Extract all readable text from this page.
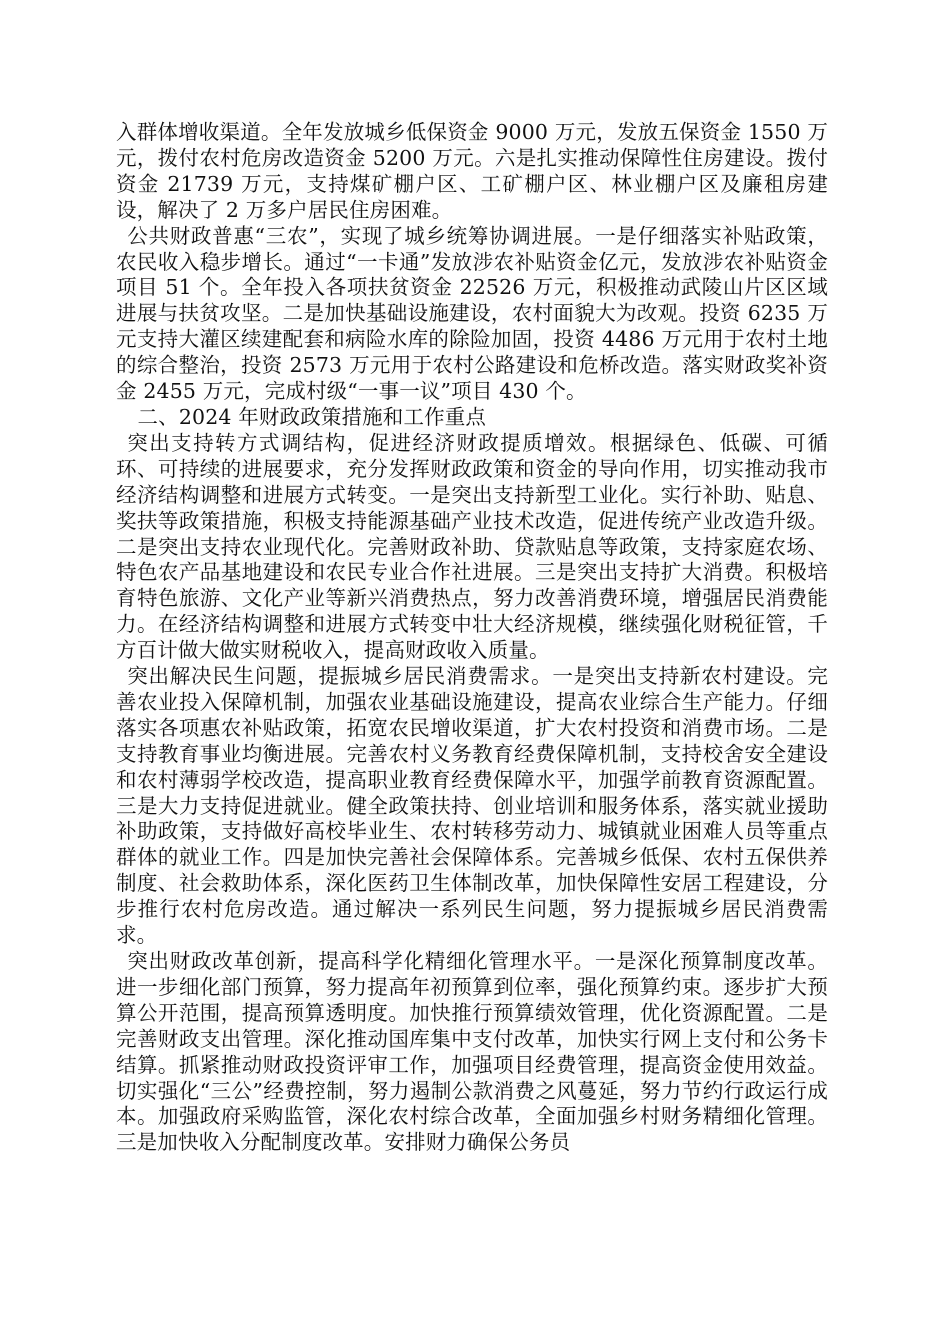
入群体增收渠道。全年发放城乡低保资金 9000 万元，发放五保资金 1550 万元，拨付农村危房改造资金 5200 万元。六是扎实推动保障性住房建设。拨付资金 21739 万元，支持煤矿棚户区、工矿棚户区、林业棚户区及廉租房建设，解决了 2 万多户居民住房困难。

公共财政普惠“三农”，实现了城乡统筹协调进展。一是仔细落实补贴政策，农民收入稳步增长。通过“一卡通”发放涉农补贴资金亿元，发放涉农补贴资金项目 51 个。全年投入各项扶贫资金 22526 万元，积极推动武陵山片区区域进展与扶贫攻坚。二是加快基础设施建设，农村面貌大为改观。投资 6235 万元支持大灌区续建配套和病险水库的除险加固，投资 4486 万元用于农村土地的综合整治，投资 2573 万元用于农村公路建设和危桥改造。落实财政奖补资金 2455 万元，完成村级“一事一议”项目 430 个。

二、2024 年财政政策措施和工作重点

突出支持转方式调结构，促进经济财政提质增效。根据绿色、低碳、可循环、可持续的进展要求，充分发挥财政政策和资金的导向作用，切实推动我市经济结构调整和进展方式转变。一是突出支持新型工业化。实行补助、贴息、奖扶等政策措施，积极支持能源基础产业技术改造，促进传统产业改造升级。二是突出支持农业现代化。完善财政补助、贷款贴息等政策，支持家庭农场、特色农产品基地建设和农民专业合作社进展。三是突出支持扩大消费。积极培育特色旅游、文化产业等新兴消费热点，努力改善消费环境，增强居民消费能力。在经济结构调整和进展方式转变中壮大经济规模，继续强化财税征管，千方百计做大做实财税收入，提高财政收入质量。

突出解决民生问题，提振城乡居民消费需求。一是突出支持新农村建设。完善农业投入保障机制，加强农业基础设施建设，提高农业综合生产能力。仔细落实各项惠农补贴政策，拓宽农民增收渠道，扩大农村投资和消费市场。二是支持教育事业均衡进展。完善农村义务教育经费保障机制，支持校舍安全建设和农村薄弱学校改造，提高职业教育经费保障水平，加强学前教育资源配置。三是大力支持促进就业。健全政策扶持、创业培训和服务体系，落实就业援助补助政策，支持做好高校毕业生、农村转移劳动力、城镇就业困难人员等重点群体的就业工作。四是加快完善社会保障体系。完善城乡低保、农村五保供养制度、社会救助体系，深化医药卫生体制改革，加快保障性安居工程建设，分步推行农村危房改造。通过解决一系列民生问题，努力提振城乡居民消费需求。

突出财政改革创新，提高科学化精细化管理水平。一是深化预算制度改革。进一步细化部门预算，努力提高年初预算到位率，强化预算约束。逐步扩大预算公开范围，提高预算透明度。加快推行预算绩效管理，优化资源配置。二是完善财政支出管理。深化推动国库集中支付改革，加快实行网上支付和公务卡结算。抓紧推动财政投资评审工作，加强项目经费管理，提高资金使用效益。切实强化“三公”经费控制，努力遏制公款消费之风蔓延，努力节约行政运行成本。加强政府采购监管，深化农村综合改革，全面加强乡村财务精细化管理。三是加快收入分配制度改革。安排财力确保公务员
